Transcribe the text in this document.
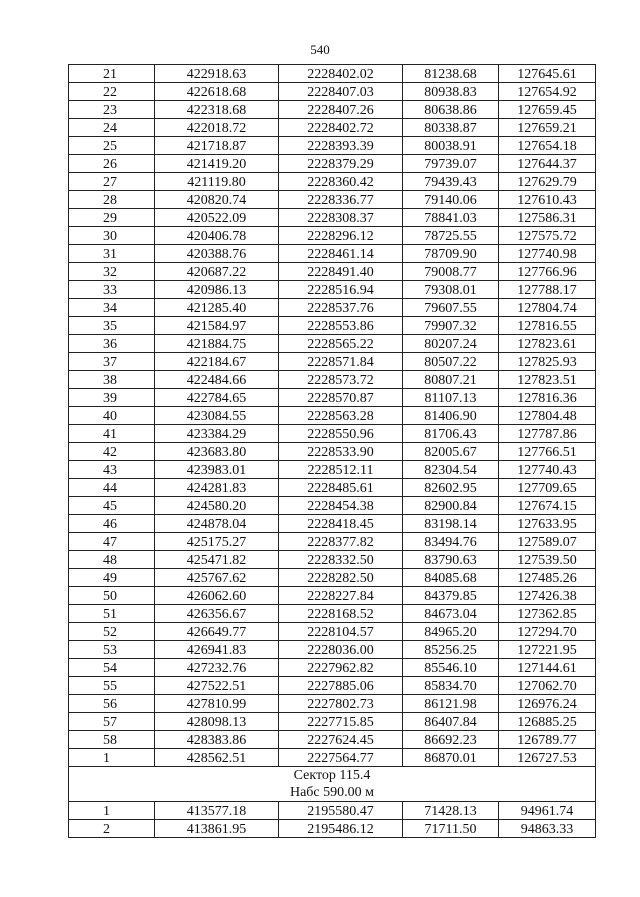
540
21	422918.63	2228402.02	81238.68	127645.61
22	422618.68	2228407.03	80938.83	127654.92
23	422318.68	2228407.26	80638.86	127659.45
24	422018.72	2228402.72	80338.87	127659.21
25	421718.87	2228393.39	80038.91	127654.18
26	421419.20	2228379.29	79739.07	127644.37
27	421119.80	2228360.42	79439.43	127629.79
28	420820.74	2228336.77	79140.06	127610.43
29	420522.09	2228308.37	78841.03	127586.31
30	420406.78	2228296.12	78725.55	127575.72
31	420388.76	2228461.14	78709.90	127740.98
32	420687.22	2228491.40	79008.77	127766.96
33	420986.13	2228516.94	79308.01	127788.17
34	421285.40	2228537.76	79607.55	127804.74
35	421584.97	2228553.86	79907.32	127816.55
36	421884.75	2228565.22	80207.24	127823.61
37	422184.67	2228571.84	80507.22	127825.93
38	422484.66	2228573.72	80807.21	127823.51
39	422784.65	2228570.87	81107.13	127816.36
40	423084.55	2228563.28	81406.90	127804.48
41	423384.29	2228550.96	81706.43	127787.86
42	423683.80	2228533.90	82005.67	127766.51
43	423983.01	2228512.11	82304.54	127740.43
44	424281.83	2228485.61	82602.95	127709.65
45	424580.20	2228454.38	82900.84	127674.15
46	424878.04	2228418.45	83198.14	127633.95
47	425175.27	2228377.82	83494.76	127589.07
48	425471.82	2228332.50	83790.63	127539.50
49	425767.62	2228282.50	84085.68	127485.26
50	426062.60	2228227.84	84379.85	127426.38
51	426356.67	2228168.52	84673.04	127362.85
52	426649.77	2228104.57	84965.20	127294.70
53	426941.83	2228036.00	85256.25	127221.95
54	427232.76	2227962.82	85546.10	127144.61
55	427522.51	2227885.06	85834.70	127062.70
56	427810.99	2227802.73	86121.98	126976.24
57	428098.13	2227715.85	86407.84	126885.25
58	428383.86	2227624.45	86692.23	126789.77
1	428562.51	2227564.77	86870.01	126727.53

Сектор 115.4
Набс 590.00 м				

1	413577.18	2195580.47	71428.13	94961.74
2	413861.95	2195486.12	71711.50	94863.33
